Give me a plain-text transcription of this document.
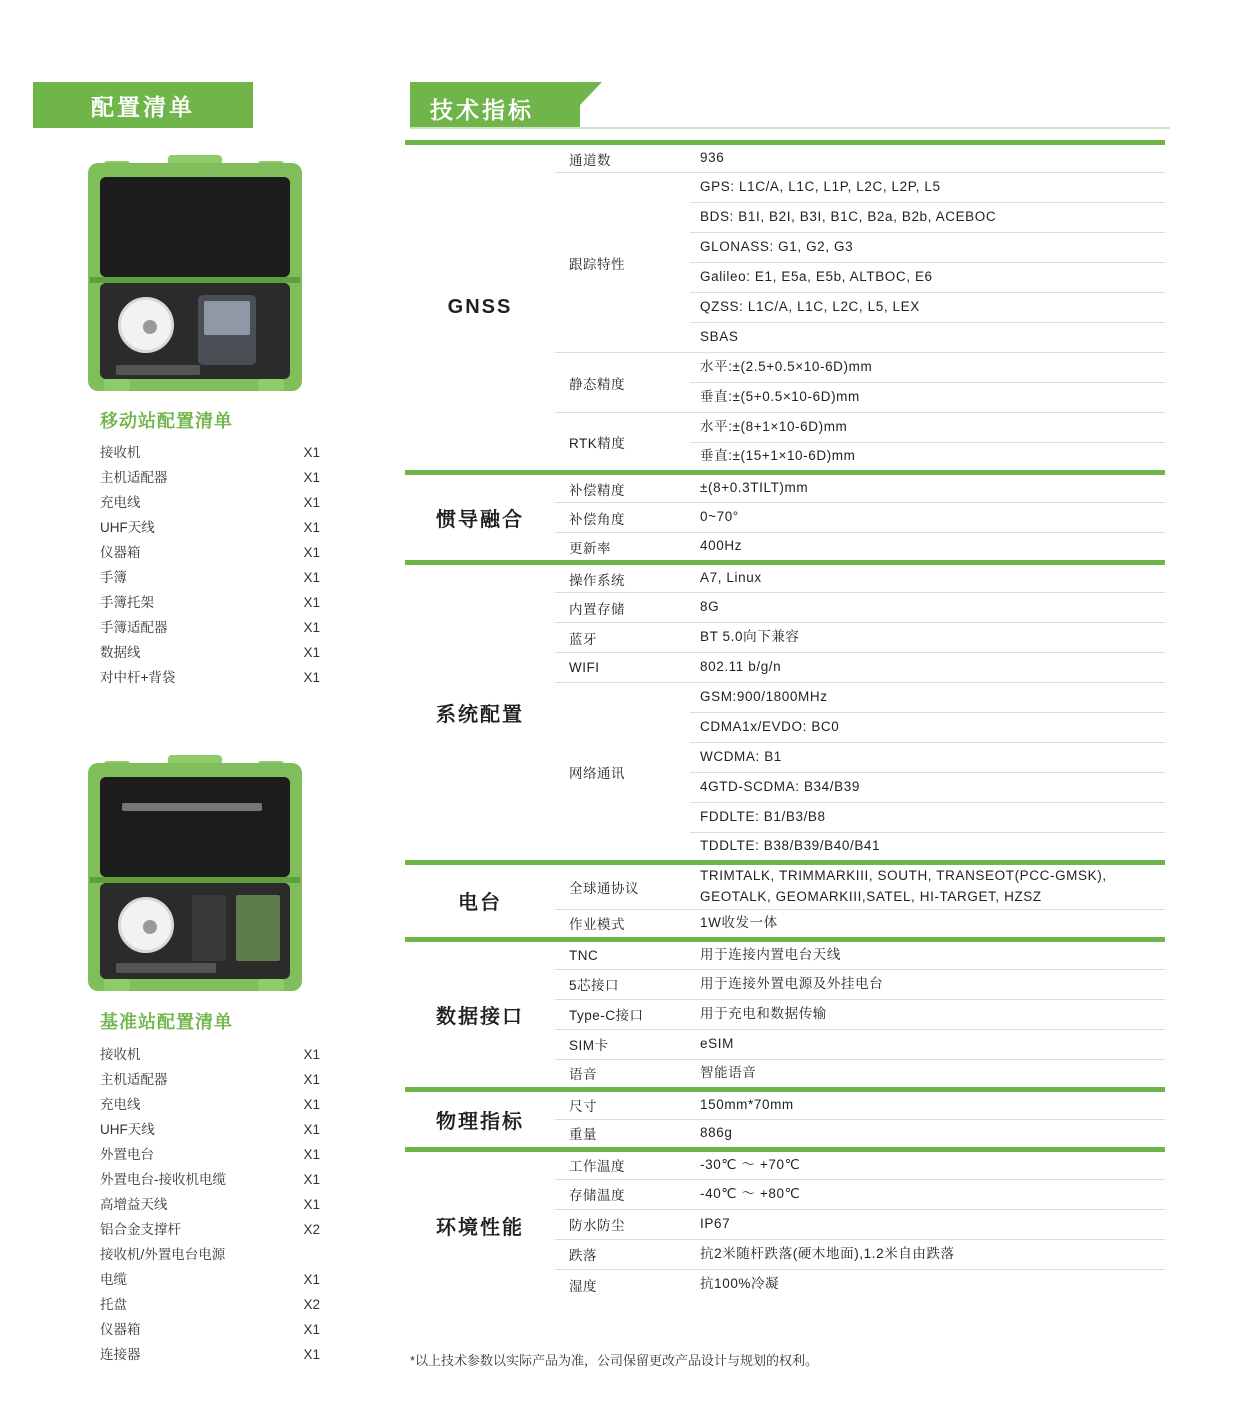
配置清单
移动站配置清单
接收机	X1
主机适配器	X1
充电线	X1
UHF天线	X1
仪器箱	X1
手簿	X1
手簿托架	X1
手簿适配器	X1
数据线	X1
对中杆+背袋	X1
基准站配置清单
接收机	X1
主机适配器	X1
充电线	X1
UHF天线	X1
外置电台	X1
外置电台-接收机电缆	X1
高增益天线	X1
铝合金支撑杆	X2
接收机/外置电台电源
电缆	X1
托盘	X2
仪器箱	X1
连接器	X1
技术指标
GNSS	通道数	936
	跟踪特性	GPS: L1C/A, L1C, L1P, L2C, L2P, L5
		BDS: B1I, B2I, B3I, B1C, B2a, B2b, ACEBOC
		GLONASS: G1, G2, G3
		Galileo: E1, E5a, E5b, ALTBOC, E6
		QZSS: L1C/A, L1C, L2C, L5, LEX
		SBAS
	静态精度	水平:±(2.5+0.5×10-6D)mm
		垂直:±(5+0.5×10-6D)mm
	RTK精度	水平:±(8+1×10-6D)mm
		垂直:±(15+1×10-6D)mm
惯导融合	补偿精度	±(8+0.3TILT)mm
	补偿角度	0~70°
	更新率	400Hz
系统配置	操作系统	A7, Linux
	内置存储	8G
	蓝牙	BT 5.0向下兼容
	WIFI	802.11 b/g/n
	网络通讯	GSM:900/1800MHz
		CDMA1x/EVDO: BC0
		WCDMA: B1
		4GTD-SCDMA: B34/B39
		FDDLTE: B1/B3/B8
		TDDLTE: B38/B39/B40/B41
电台	全球通协议	TRIMTALK, TRIMMARKIII, SOUTH, TRANSEOT(PCC-GMSK), GEOTALK, GEOMARKIII,SATEL, HI-TARGET, HZSZ
	作业模式	1W收发一体
数据接口	TNC	用于连接内置电台天线
	5芯接口	用于连接外置电源及外挂电台
	Type-C接口	用于充电和数据传输
	SIM卡	eSIM
	语音	智能语音
物理指标	尺寸	150mm*70mm
	重量	886g
环境性能	工作温度	-30℃ ～ +70℃
	存储温度	-40℃ ～ +80℃
	防水防尘	IP67
	跌落	抗2米随杆跌落(硬木地面),1.2米自由跌落
	湿度	抗100%冷凝
*以上技术参数以实际产品为准，公司保留更改产品设计与规划的权利。
